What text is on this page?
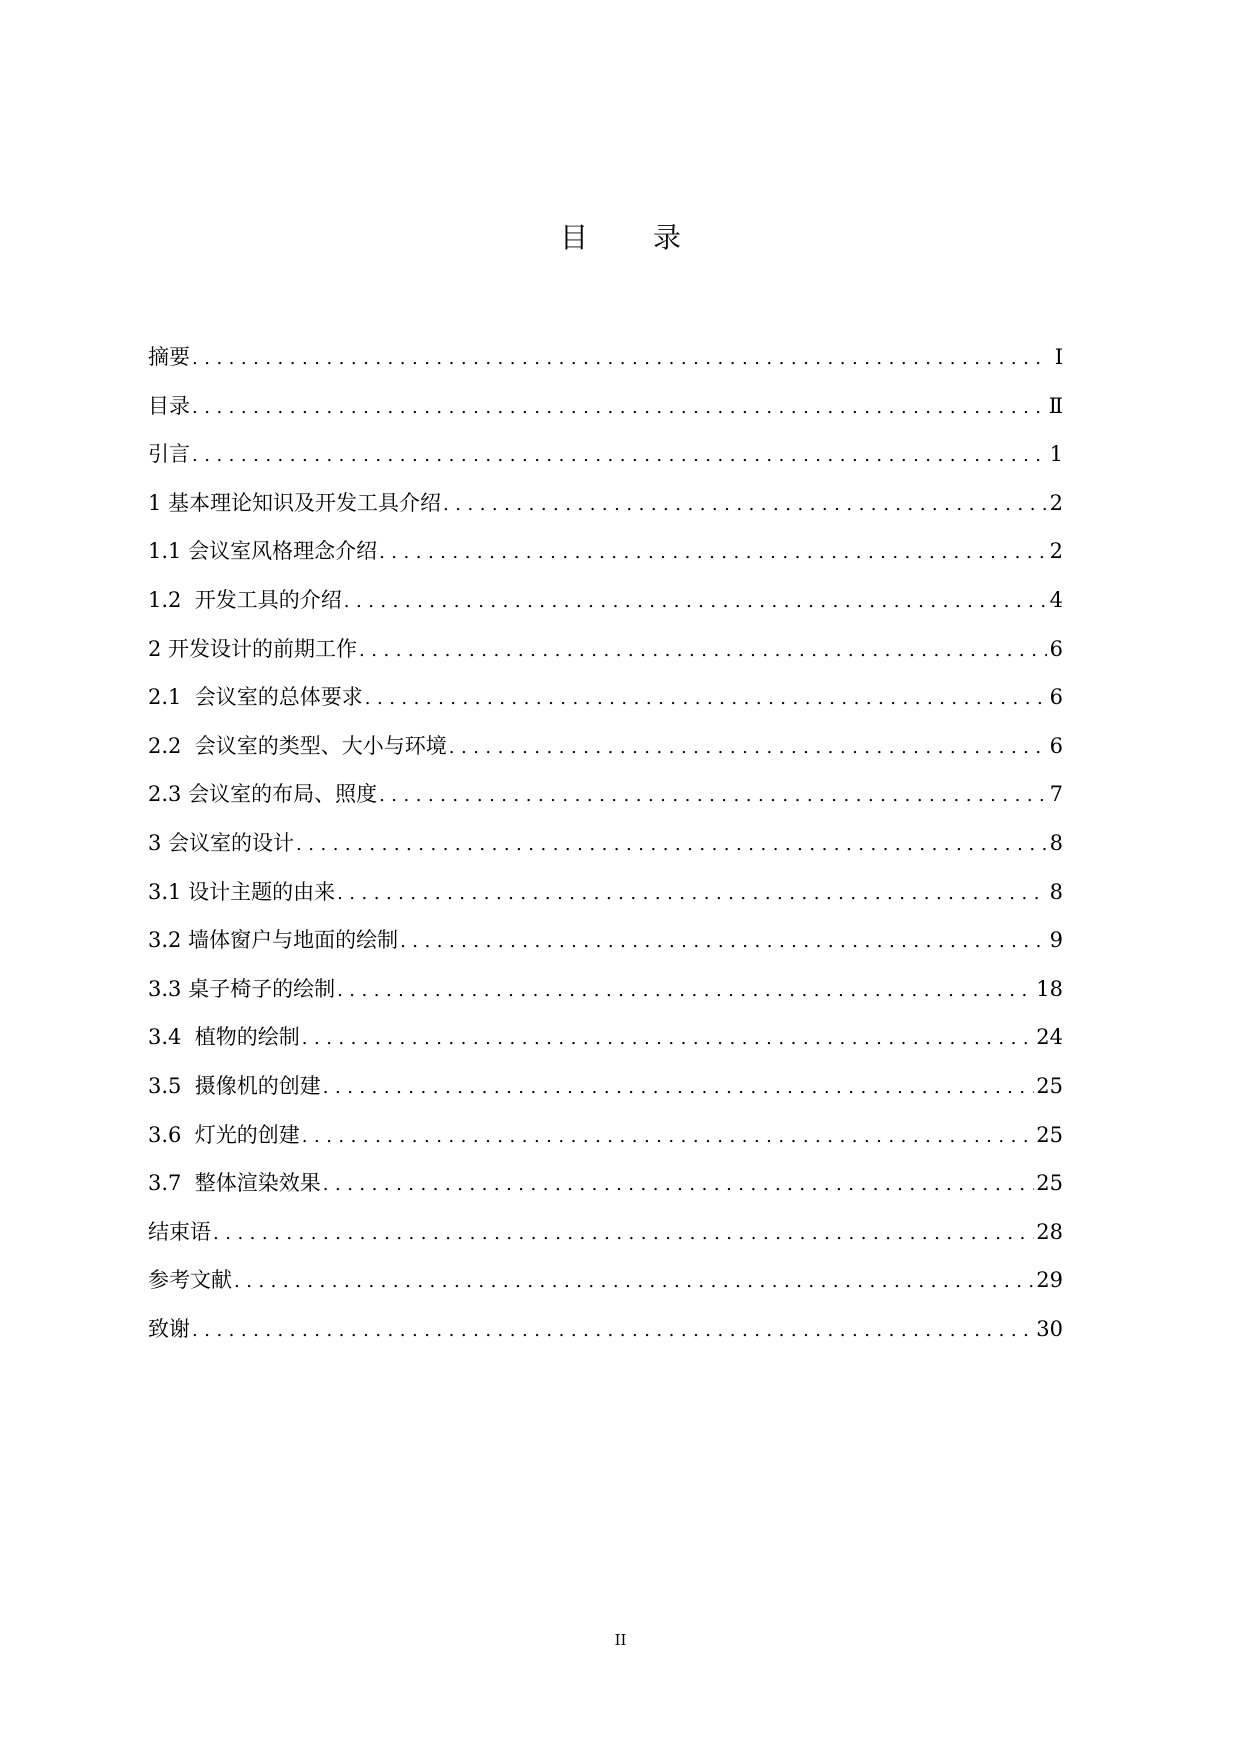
目 录
摘要 .....	Ⅰ
目录 .....	Ⅱ
引言 .....	1
1 基本理论知识及开发工具介绍 .....	2
1.1 会议室风格理念介绍 .....	2
1.2  开发工具的介绍 .....	4
2 开发设计的前期工作 .....	6
2.1  会议室的总体要求 .....	6
2.2  会议室的类型、大小与环境 .....	6
2.3 会议室的布局、照度 .....	7
3 会议室的设计 .....	8
3.1 设计主题的由来 .....	8
3.2 墙体窗户与地面的绘制 .....	9
3.3 桌子椅子的绘制 .....	18
3.4  植物的绘制 .....	24
3.5  摄像机的创建 .....	25
3.6  灯光的创建 .....	25
3.7  整体渲染效果 .....	25
结束语 .....	28
参考文献 .....	29
致谢 .....	30
II
